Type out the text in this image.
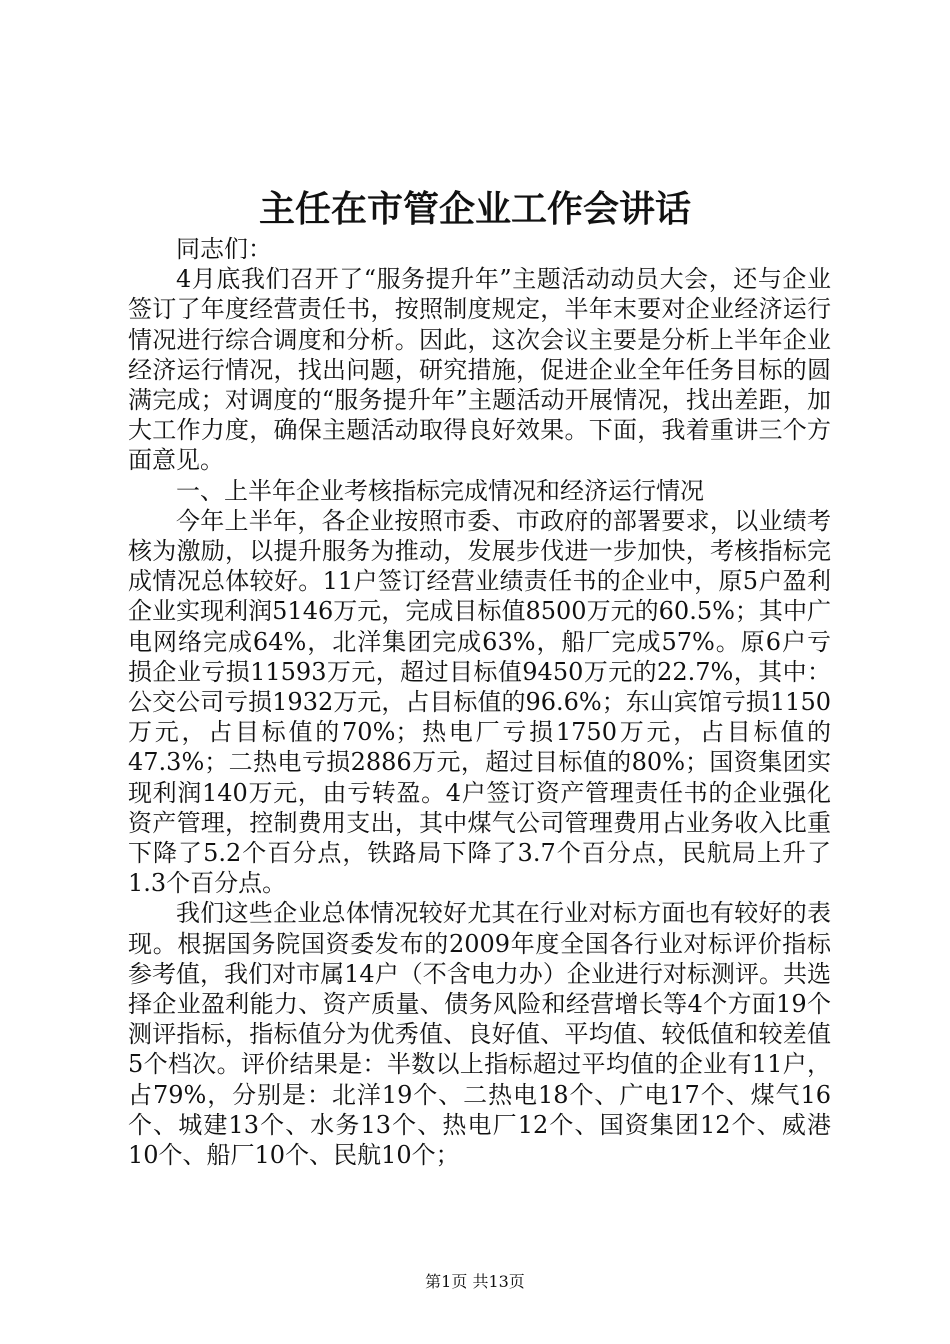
主任在市管企业工作会讲话

同志们：

4月底我们召开了“服务提升年”主题活动动员大会，还与企业签订了年度经营责任书，按照制度规定，半年末要对企业经济运行情况进行综合调度和分析。因此，这次会议主要是分析上半年企业经济运行情况，找出问题，研究措施，促进企业全年任务目标的圆满完成；对调度的“服务提升年”主题活动开展情况，找出差距，加大工作力度，确保主题活动取得良好效果。下面，我着重讲三个方面意见。

一、上半年企业考核指标完成情况和经济运行情况

今年上半年，各企业按照市委、市政府的部署要求，以业绩考核为激励，以提升服务为推动，发展步伐进一步加快，考核指标完成情况总体较好。11户签订经营业绩责任书的企业中，原5户盈利企业实现利润5146万元，完成目标值8500万元的60.5%；其中广电网络完成64%，北洋集团完成63%，船厂完成57%。原6户亏损企业亏损11593万元，超过目标值9450万元的22.7%，其中：公交公司亏损1932万元，占目标值的96.6%；东山宾馆亏损1150万元，占目标值的70%；热电厂亏损1750万元，占目标值的47.3%；二热电亏损2886万元，超过目标值的80%；国资集团实现利润140万元，由亏转盈。4户签订资产管理责任书的企业强化资产管理，控制费用支出，其中煤气公司管理费用占业务收入比重下降了5.2个百分点，铁路局下降了3.7个百分点，民航局上升了1.3个百分点。

我们这些企业总体情况较好尤其在行业对标方面也有较好的表现。根据国务院国资委发布的2009年度全国各行业对标评价指标参考值，我们对市属14户（不含电力办）企业进行对标测评。共选择企业盈利能力、资产质量、债务风险和经营增长等4个方面19个测评指标，指标值分为优秀值、良好值、平均值、较低值和较差值5个档次。评价结果是：半数以上指标超过平均值的企业有11户，占79%，分别是：北洋19个、二热电18个、广电17个、煤气16个、城建13个、水务13个、热电厂12个、国资集团12个、威港10个、船厂10个、民航10个；

第1页 共13页
